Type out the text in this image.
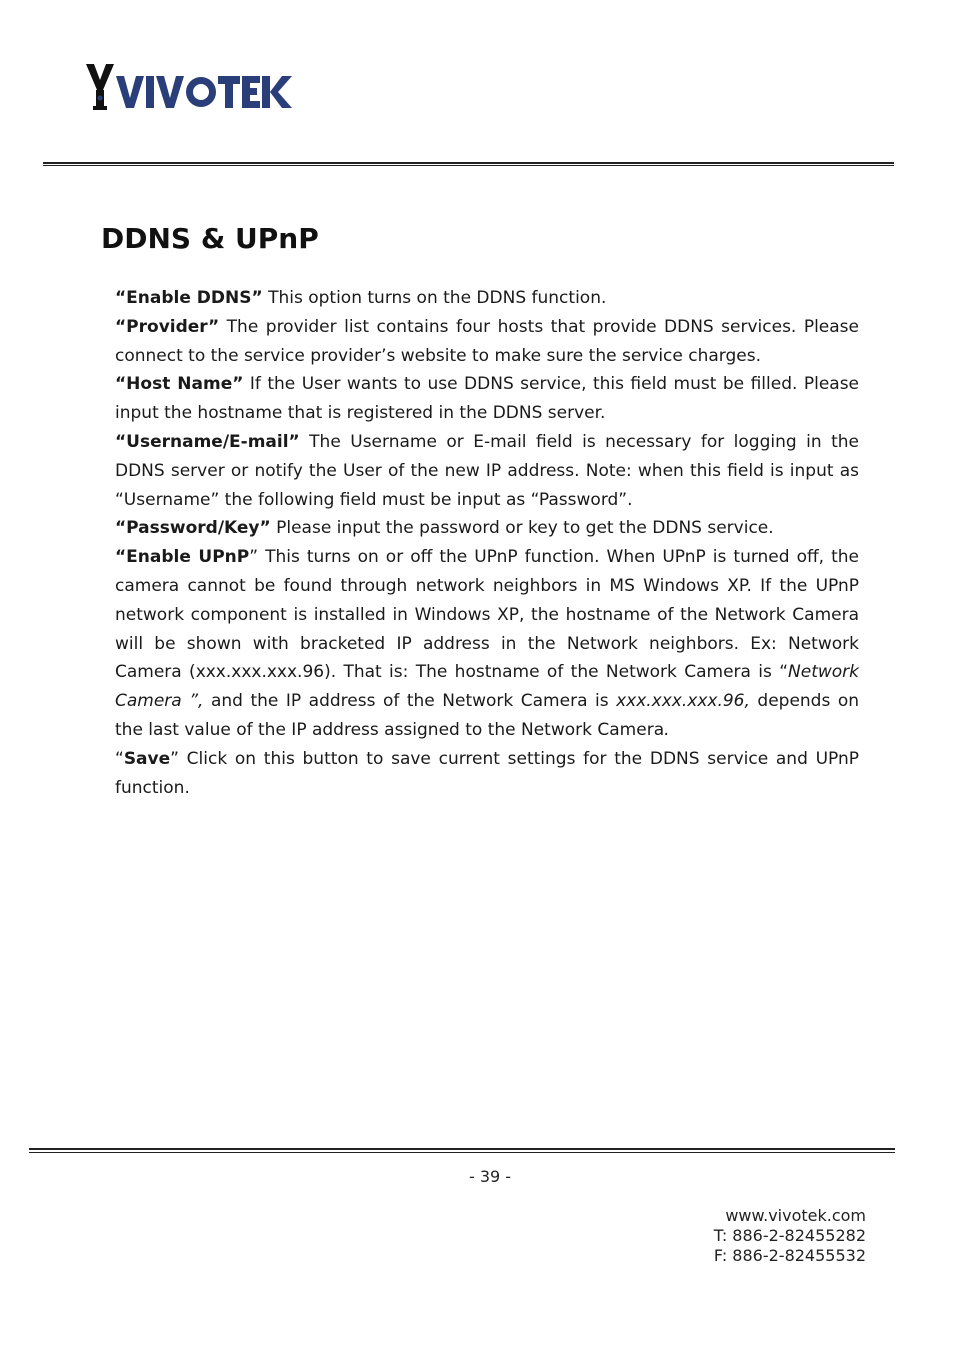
DDNS & UPnP

“Enable DDNS” This option turns on the DDNS function.

“Provider” The provider list contains four hosts that provide DDNS services. Please connect to the service provider’s website to make sure the service charges.

“Host Name” If the User wants to use DDNS service, this field must be filled. Please input the hostname that is registered in the DDNS server.

“Username/E-mail” The Username or E-mail field is necessary for logging in the DDNS server or notify the User of the new IP address. Note: when this field is input as “Username” the following field must be input as “Password”.

“Password/Key” Please input the password or key to get the DDNS service.

“Enable UPnP” This turns on or off the UPnP function. When UPnP is turned off, the camera cannot be found through network neighbors in MS Windows XP. If the UPnP network component is installed in Windows XP, the hostname of the Network Camera will be shown with bracketed IP address in the Network neighbors. Ex: Network Camera (xxx.xxx.xxx.96). That is: The hostname of the Network Camera is “Network Camera ”, and the IP address of the Network Camera is xxx.xxx.xxx.96, depends on the last value of the IP address assigned to the Network Camera.

“Save” Click on this button to save current settings for the DDNS service and UPnP function.

- 39 -
www.vivotek.com
T: 886-2-82455282
F: 886-2-82455532
